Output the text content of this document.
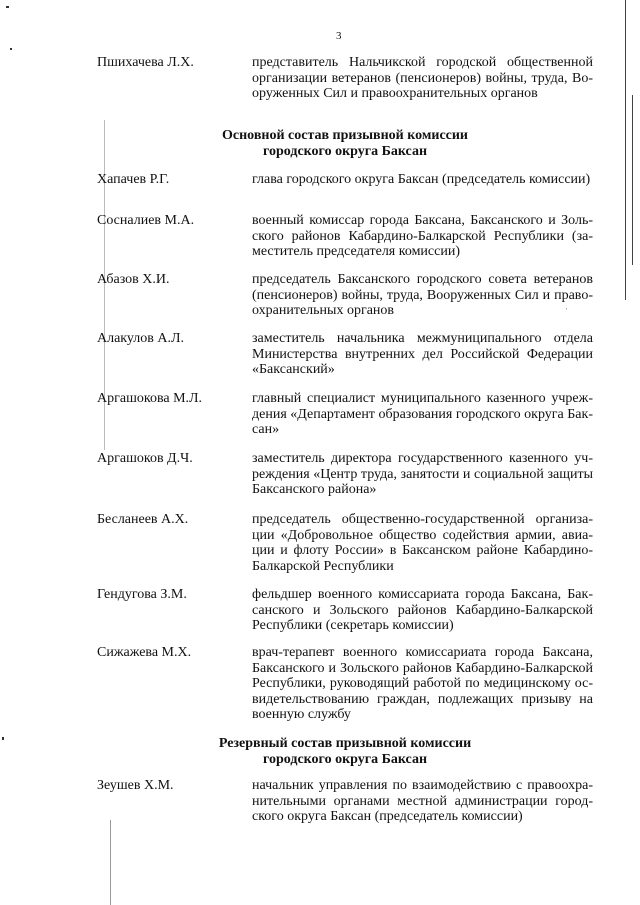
'
3
Пшихачева Л.Х.	представитель Нальчикской городской общественной организации ветеранов (пенсионеров) войны, труда, Вооруженных Сил и правоохранительных органов
Основной состав призывной комиссии
городского округа Баксан
Хапачев Р.Г.	глава городского округа Баксан (председатель комиссии)
Сосналиев М.А.	военный комиссар города Баксана, Баксанского и Зольского районов Кабардино-Балкарской Республики (заместитель председателя комиссии)
Абазов Х.И.	председатель Баксанского городского совета ветеранов (пенсионеров) войны, труда, Вооруженных Сил и правоохранительных органов
Алакулов А.Л.	заместитель начальника межмуниципального отдела Министерства внутренних дел Российской Федерации «Баксанский»
Аргашокова М.Л.	главный специалист муниципального казенного учреждения «Департамент образования городского округа Баксан»
Аргашоков Д.Ч.	заместитель директора государственного казенного учреждения «Центр труда, занятости и социальной защиты Баксанского района»
Бесланеев А.Х.	председатель общественно-государственной организации «Добровольное общество содействия армии, авиации и флоту России» в Баксанском районе Кабардино-Балкарской Республики
Гендугова З.М.	фельдшер военного комиссариата города Баксана, Баксанского и Зольского районов Кабардино-Балкарской Республики (секретарь комиссии)
Сижажева М.Х.	врач-терапевт военного комиссариата города Баксана, Баксанского и Зольского районов Кабардино-Балкарской Республики, руководящий работой по медицинскому освидетельствованию граждан, подлежащих призыву на военную службу
Резервный состав призывной комиссии
городского округа Баксан
Зеушев Х.М.	начальник управления по взаимодействию с правоохранительными органами местной администрации городского округа Баксан (председатель комиссии)
